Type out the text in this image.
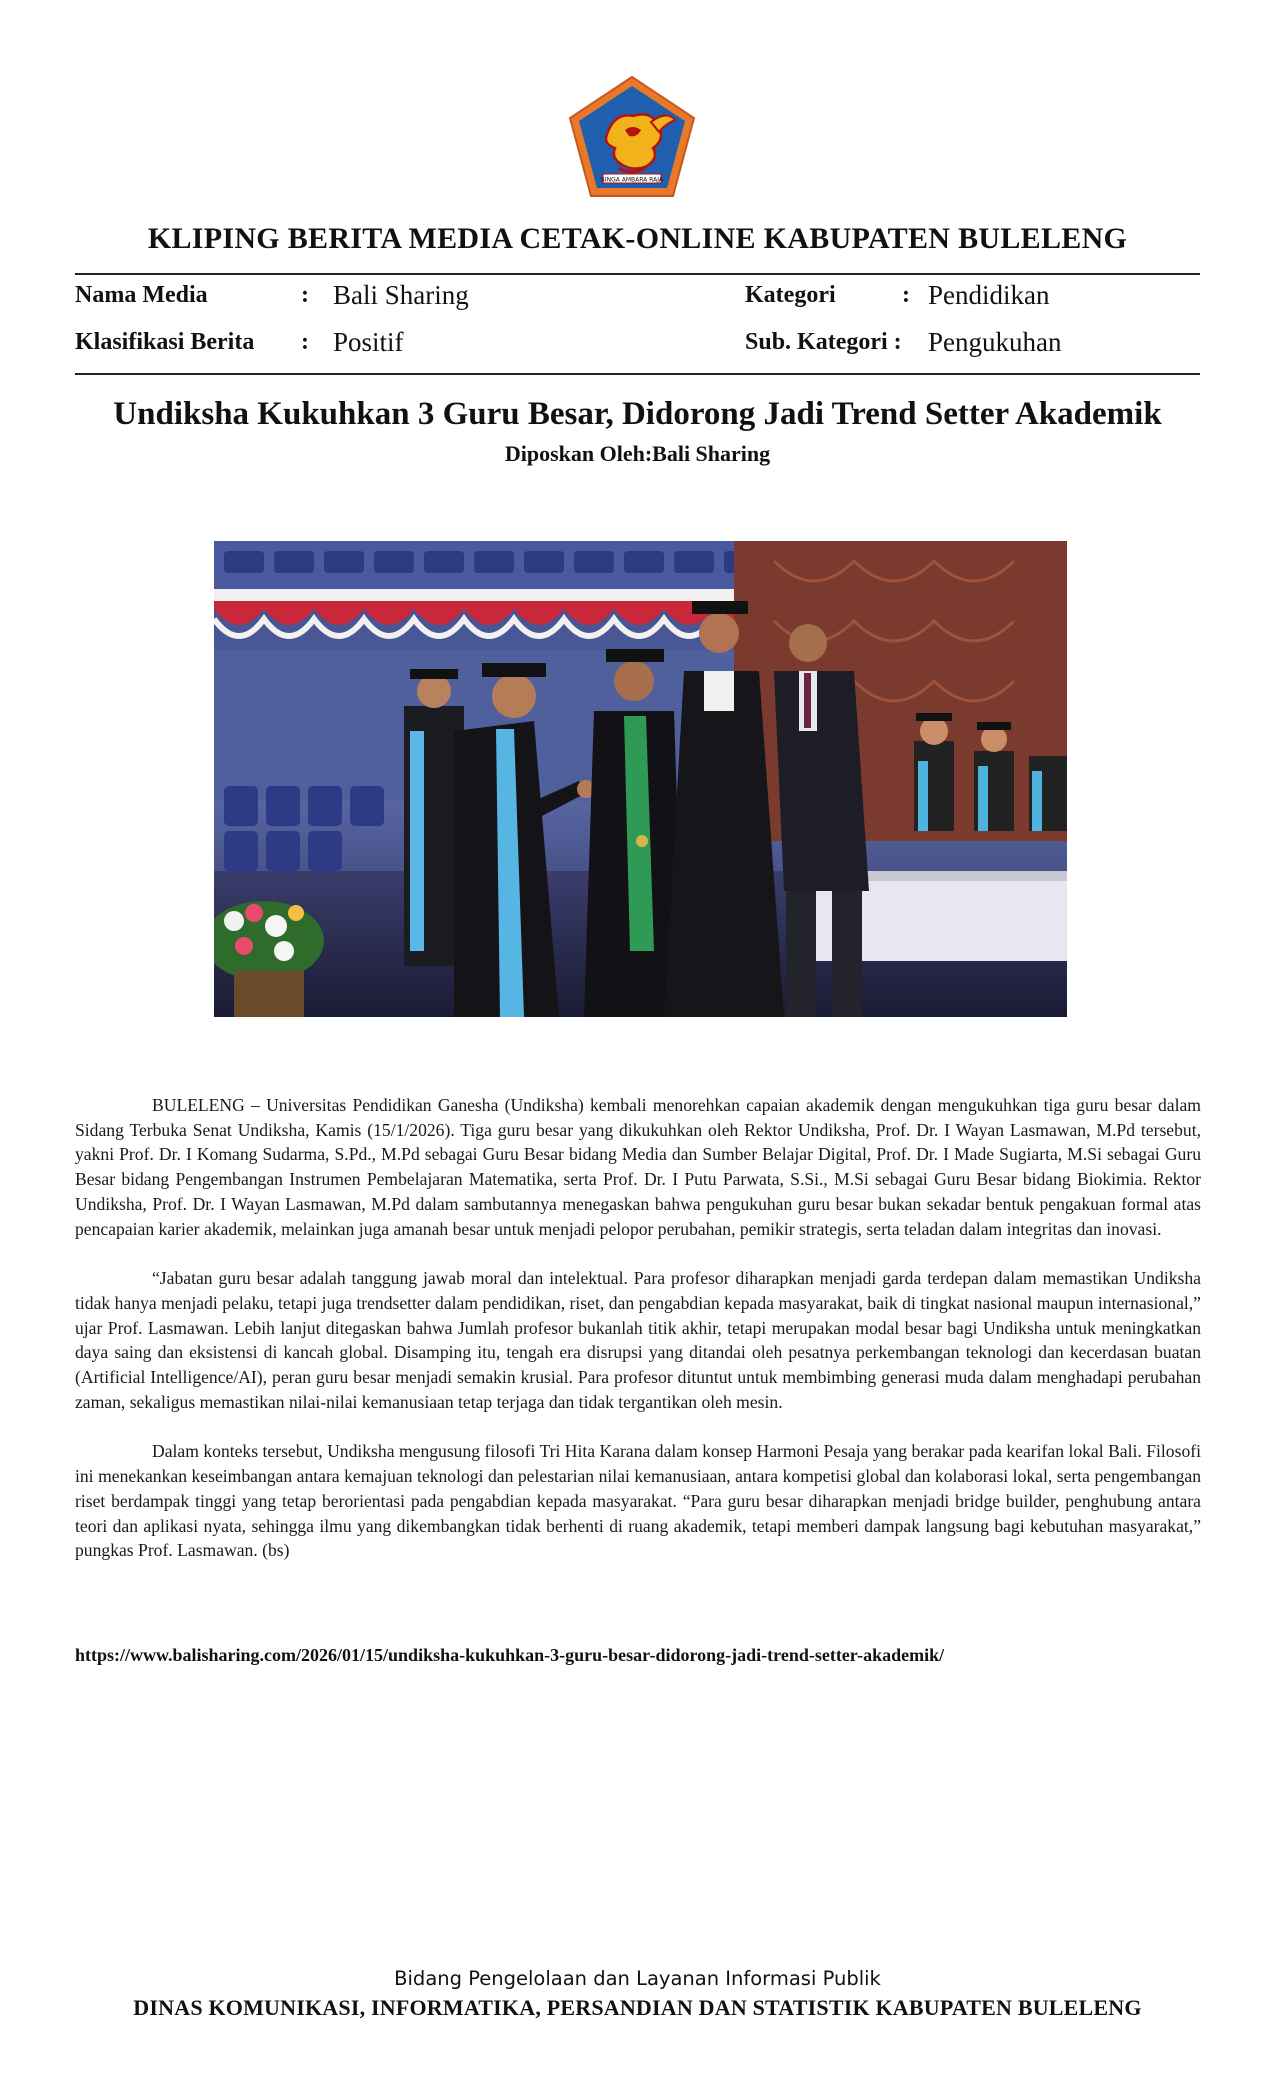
SINGA AMBARA RAJA
KLIPING BERITA MEDIA CETAK-ONLINE KABUPATEN BULELENG
Nama Media	: Bali Sharing	Kategori	: Pendidikan
Klasifikasi Berita : Positif	Sub. Kategori : Pengukuhan
Undiksha Kukuhkan 3 Guru Besar, Didorong Jadi Trend Setter Akademik
Diposkan Oleh:Bali Sharing

BULELENG – Universitas Pendidikan Ganesha (Undiksha) kembali menorehkan capaian akademik dengan mengukuhkan tiga guru besar dalam Sidang Terbuka Senat Undiksha, Kamis (15/1/2026). Tiga guru besar yang dikukuhkan oleh Rektor Undiksha, Prof. Dr. I Wayan Lasmawan, M.Pd tersebut, yakni Prof. Dr. I Komang Sudarma, S.Pd., M.Pd sebagai Guru Besar bidang Media dan Sumber Belajar Digital, Prof. Dr. I Made Sugiarta, M.Si sebagai Guru Besar bidang Pengembangan Instrumen Pembelajaran Matematika, serta Prof. Dr. I Putu Parwata, S.Si., M.Si sebagai Guru Besar bidang Biokimia. Rektor Undiksha, Prof. Dr. I Wayan Lasmawan, M.Pd dalam sambutannya menegaskan bahwa pengukuhan guru besar bukan sekadar bentuk pengakuan formal atas pencapaian karier akademik, melainkan juga amanah besar untuk menjadi pelopor perubahan, pemikir strategis, serta teladan dalam integritas dan inovasi.

“Jabatan guru besar adalah tanggung jawab moral dan intelektual. Para profesor diharapkan menjadi garda terdepan dalam memastikan Undiksha tidak hanya menjadi pelaku, tetapi juga trendsetter dalam pendidikan, riset, dan pengabdian kepada masyarakat, baik di tingkat nasional maupun internasional,” ujar Prof. Lasmawan. Lebih lanjut ditegaskan bahwa Jumlah profesor bukanlah titik akhir, tetapi merupakan modal besar bagi Undiksha untuk meningkatkan daya saing dan eksistensi di kancah global. Disamping itu, tengah era disrupsi yang ditandai oleh pesatnya perkembangan teknologi dan kecerdasan buatan (Artificial Intelligence/AI), peran guru besar menjadi semakin krusial. Para profesor dituntut untuk membimbing generasi muda dalam menghadapi perubahan zaman, sekaligus memastikan nilai-nilai kemanusiaan tetap terjaga dan tidak tergantikan oleh mesin.

Dalam konteks tersebut, Undiksha mengusung filosofi Tri Hita Karana dalam konsep Harmoni Pesaja yang berakar pada kearifan lokal Bali. Filosofi ini menekankan keseimbangan antara kemajuan teknologi dan pelestarian nilai kemanusiaan, antara kompetisi global dan kolaborasi lokal, serta pengembangan riset berdampak tinggi yang tetap berorientasi pada pengabdian kepada masyarakat. “Para guru besar diharapkan menjadi bridge builder, penghubung antara teori dan aplikasi nyata, sehingga ilmu yang dikembangkan tidak berhenti di ruang akademik, tetapi memberi dampak langsung bagi kebutuhan masyarakat,” pungkas Prof. Lasmawan. (bs)

https://www.balisharing.com/2026/01/15/undiksha-kukuhkan-3-guru-besar-didorong-jadi-trend-setter-akademik/
Bidang Pengelolaan dan Layanan Informasi Publik
DINAS KOMUNIKASI, INFORMATIKA, PERSANDIAN DAN STATISTIK KABUPATEN BULELENG
